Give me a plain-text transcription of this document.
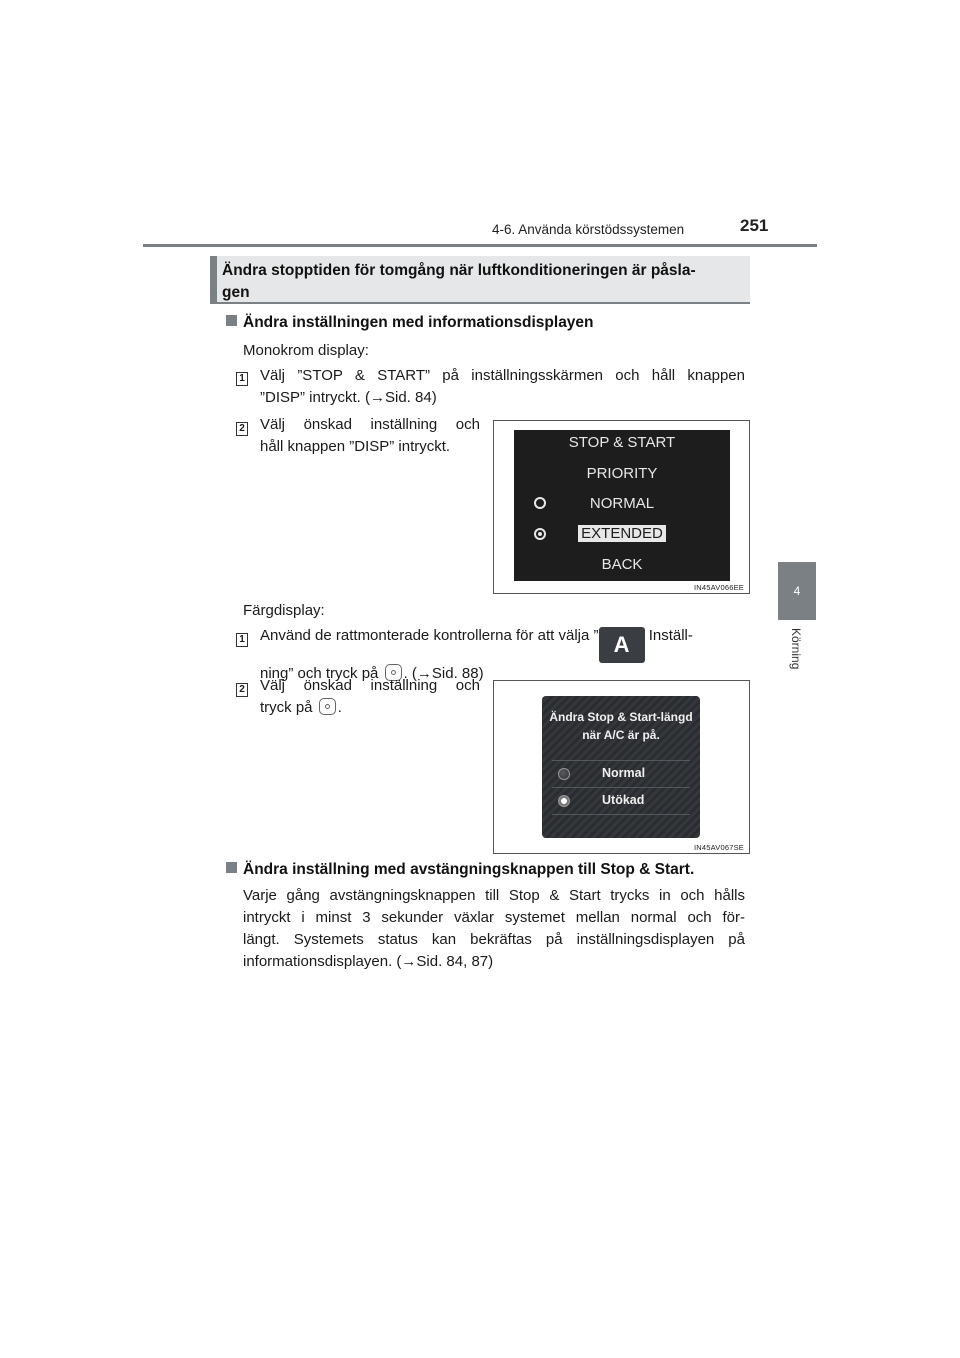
4-6. Använda körstödssystemen	251
4
Körning
Ändra stopptiden för tomgång när luftkonditioneringen är påsla-
gen
Ändra inställningen med informationsdisplayen
Monokrom display:
1 Välj ”STOP & START” på inställningsskärmen och håll knappen
”DISP” intryckt. (→Sid. 84)
2 Välj önskad inställning och
håll knappen ”DISP” intryckt.	STOP & START
PRIORITY
NORMAL
EXTENDED
BACK
IN45AV066EE
Färgdisplay:
1 Använd de rattmonterade kontrollerna för att välja ” A Inställ-
ning” och tryck på . (→Sid. 88)
2 Välj önskad inställning och
tryck på .
Ändra Stop & Start-längd
när A/C är på.
Normal
Utökad
IN45AV067SE
Ändra inställning med avstängningsknappen till Stop & Start.
Varje gång avstängningsknappen till Stop & Start trycks in och hålls
intryckt i minst 3 sekunder växlar systemet mellan normal och för-
längt. Systemets status kan bekräftas på inställningsdisplayen på
informationsdisplayen. (→Sid. 84, 87)
